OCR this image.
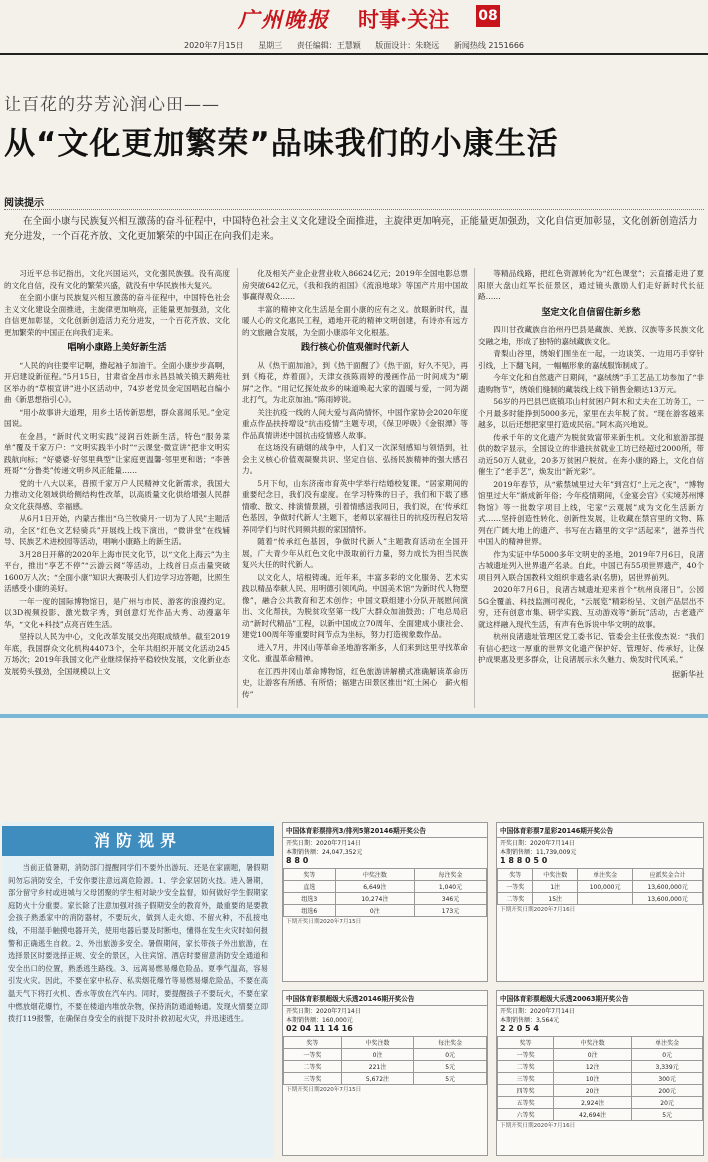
广州晚报 时事·关注 08
2020年7月15日 星期三 责任编辑：王慧颖 版面设计：朱晓远 新闻热线 2151666
让百花的芬芳沁润心田——
从“文化更加繁荣”品味我们的小康生活
阅读提示
在全面小康与民族复兴相互激荡的奋斗征程中，中国特色社会主义文化建设全面推进，主旋律更加响亮，正能量更加强劲，文化自信更加彰显，文化创新创造活力充分进发，一个百花齐放、文化更加繁荣的中国正在向我们走来。

习近平总书记指出，文化兴国运兴，文化强民族强。没有高度的文化自信，没有文化的繁荣兴盛，就没有中华民族伟大复兴。

在全面小康与民族复兴相互激荡的奋斗征程中，中国特色社会主义文化建设全面推进，主旋律更加响亮，正能量更加强劲，文化自信更加彰显，文化创新创造活力充分进发，一个百花齐放、文化更加繁荣的中国正在向我们走来。

唱响小康路上美好新生活

“人民的向往要牢记啊，撸起袖子加油干。全面小康步步高啊，开启建设新征程。”5月15日，甘肃省金昌市永昌县城关镇天鹅苑社区举办的“草根宣讲”进小区活动中，74岁老党员金定国唱起自编小曲《新思想指引心》。

“用小故事讲大道理，用乡土话传新思想，群众喜闻乐见。”金定国说。

在金昌，“新时代文明实践”浸润百姓新生活，特色“服务菜单”覆及千家万户：“文明实践半小时”“云课堂·微宣讲”把非文明实践航向标；“好婆婆·好邻里典型”让家庭更温馨·邻里更和谐；“李善班哥”“分鲁类”传递文明乡风正能量……

党的十八大以来，普照千家万户人民精神文化新需求，我国大力推动文化领域供给侧结构性改革，以高质量文化供给增强人民群众文化获得感、幸福感。

从6月1日开始，内蒙古推出“乌兰牧骑月·一切为了人民”主题活动，全区“红色文艺轻骑兵”开展线上线下演出，“微讲堂”在线辅导、民族艺术进校园等活动，唱响小康路上的新生活。

3月28日开幕的2020年上海市民文化节，以“文化上海云”为主平台，推出“享艺不停”“云游云阅”等活动，上线首日点击量突破1600万人次；“全面小康”知识大赛吸引人们边学习边答题，比照生活感受小康的美好。

一年一度的国际博物馆日，是广州与市民、游客的浪漫约定。以3D视频投影、激光数字秀，到创意灯光作品大秀、动漫嘉年华，“文化+科技”点亮百姓生活。

坚持以人民为中心，文化改革发展交出亮眼成绩单。截至2019年底，我国群众文化机构44073个，全年共组织开展文化活动245万场次；2019年我国文化产业继续保持平稳较快发展，文化新业态发展势头强劲，全国规模以上文

化及相关产业企业营业收入86624亿元；2019年全国电影总票房突破642亿元，《我和我的祖国》《流浪地球》等国产片用中国故事赢得观众……

丰富的精神文化生活是全面小康的应有之义。放眼新时代，温暖人心的文化惠民工程，通地开花的精神文明创建，有诗亦有远方的文旅融合发展，为全面小康添年文化根基。

践行核心价值观催时代新人

从《热干面加油》，到《热干面醒了》《热干面，好久不见》，再到《梅花，炸着面》，天津女孩陈雨婷的漫画作品一时间成为“刷屏”之作。“用记忆探处故乡的味道唤起大家的温暖与爱，一同为湖北打气，为北京加油。”陈雨婷说。

关注抗疫一线的人间大爱与高尚情怀，中国作家协会2020年度重点作品扶持增设“抗击疫情”主题专项，《保卫呼吸》《金银潭》等作品真情讲述中国抗击疫情感人故事。

在这场没有硝烟的战争中，人们又一次深刻感知与领悟到，社会主义核心价值观凝聚共识、坚定自信、弘扬民族精神的强大感召力。

5月下旬，山东济南市育英中学举行结婚校复课。“居家期间的重要纪念日，我们没有虚度。在学习特殊的日子，我们和下载了感情歌、散文、排演情景剧，引着情感送我同日，我们说，在‘传承红色基因，争做时代新人’主题下，老师以家福往日的抗疫历程启发培养同学们与时代同频共振的家国情怀。

随着“传承红色基因，争做时代新人”主题教育活动在全国开展，广大青少年从红色文化中汲取前行力量，努力成长为担当民族复兴大任的时代新人。

以文化人，培根铸魂。近年来，丰富多彩的文化服务、艺术实践以精品奉献人民、用明德引领风尚。中国美术馆“为新时代人物塑像”，融合公共教育和艺术创作；中国文联组建小分队开展慰问演出、文化帮扶，为脱贫攻坚第一线广大群众加油鼓劲；广电总局启动“新时代精品”工程，以新中国成立70周年、全面建成小康社会、建党100周年等重要时间节点为坐标，努力打造视象数作品。

进入7月，井冈山等革命圣地游客渐多，人们来到这里寻找革命文化、重温革命精神。

在江西井冈山革命博物馆，红色旅游讲解横式准确解读革命历史，让游客有所感、有所悟；福建古田景区推出“红土闲心　薪火相传”

等精品线路，把红色资源转化为“红色课堂”；云直播走进了夏阳原大盘山红军长征景区，通过镜头激励人们走好新时代长征路……

坚定文化自信留住新乡愁

四川甘孜藏族自治州丹巴县是藏族、羌族、汉族等多民族文化交融之地，形成了独特的嘉绒藏族文化。

青梨山谷里，绣娘们围坐在一起，一边谈笑、一边用巧手穿针引线，上下翻飞间，一幅幅形象的嘉绒服饰制成了。

今年文化和自然遗产日期间，“嘉绒绣”手工艺品工坊参加了“非遗购物节”，绣娘们缝制的藏装线上线下销售金额达13万元。

56岁的丹巴县巴底镇邛山村贫困户阿木和丈夫在工坊务工，一个月最多时能挣到5000多元，家里在去年脱了贫。“现在游客越来越多，以后还想把家里打造成民宿。”阿木高兴地说。

传承千年的文化遗产为脱贫致富带来新生机。文化和旅游部提供的数字显示，全国设立的非遗扶贫就业工坊已经超过2000所，带动近50万人就业，20多万贫困户脱贫。在奔小康的路上，文化自信催生了“老手艺”，焕发出“新光彩”。

2019年春节，从“紫禁城里过大年”到宫灯“上元之夜”，“博物馆里过大年”渐成新年俗；今年疫情期间，《金宴会宫》《实境苏州博物馆》等一批数字项目上线，宅家“云观展”成为文化生活新方式……坚持创造性转化、创新性发展，让收藏在禁宫里的文物、陈列在广阔大地上的遗产、书写在古籍里的文字“活起来”，滋养当代中国人的精神世界。

作为实证中华5000多年文明史的圣地，2019年7月6日，良渚古城遗址列入世界遗产名录。自此，中国已有55项世界遗产，40个项目列入联合国教科文组织非遗名录(名册)，居世界前列。

2020年7月6日，良渚古城遗址迎来首个“杭州良渚日”。公园5G全覆盖、科技监测可视化，“云展览”精彩纷呈、文创产品层出不穷，还有创意市集、研学实践、互动游戏等“新玩”活动，古老遗产就这样融入现代生活，有声有色诉说中华文明的故事。

杭州良渚遗址管理区党工委书记、管委会主任张俊杰说：“我们有信心把这一厚重的世界文化遗产保护好、管理好、传承好，让保护成果惠及更多群众，让良渚展示永久魅力、焕发时代风采。”

据新华社
消防视界
当前正值暑期，消防部门提醒同学们不要外出游玩、还是在家副题，暑假期间勿忘消防安全，千安你要注意远离危险源。1、学会家居防火技。进入暑期，部分留守乡村或进城与父母团聚的学生相对缺少安全监督，如何做好学生假期家庭防火十分重要。家长除了注意加强对孩子假期安全的教育外，最重要的是要教会孩子熟悉家中的消防器材，不要玩火，做到人走火熄、不留火种，不乱接电线，不用湿手触摸电器开关，使用电器后要及时断电，懂得在发生火灾时如何报警和正确逃生自救。2、外出旅游多安全。暑假期间，家长带孩子外出旅游，在选择景区时要选择正规、安全的景区，入住宾馆、酒店时要留意消防安全通道和安全出口的位置，熟悉逃生路线。3、远离易燃易爆危险品。夏季气温高，容易引发火灾。因此，不要在家中私存、私卖烟花爆竹等易燃易爆危险品，不要在高温天气下将打火机、香水等放在汽车内。同时，要提醒孩子不要玩火，不要在家中燃放烟花爆竹，不要在楼道内堆放杂物，保持消防通道畅通。发现火情要立即拨打119报警，在确保自身安全的前提下及时扑救初起火灾，并迅速逃生。
中国体育彩票排列3/排列5第20146期开奖公告
开奖日期：2020年7月14日
本期销售额：24,047,352元
8 8 0
奖等	中奖注数	每注奖金
直选	6,649注	1,040元
组选3	10,274注	346元
组选6	0注	173元
下期开奖日期2020年7月15日
中国体育彩票7星彩20146期开奖公告
开奖日期：2020年7月14日
本期销售额：11,739,009元
1 8 8 0 5 0
奖等	中奖注数	单注奖金	应派奖金合计
一等奖	1注	100,000元	13,600,000元
二等奖	15注		13,600,000元
下期开奖日期2020年7月16日
中国体育彩票超级大乐透20146期开奖公告
开奖日期：2020年7月14日
本期销售额：160,000元
02 04 11 14 16
奖等	中奖注数	每注奖金
一等奖	0注	0元
二等奖	221注	5元
三等奖	5,672注	5元
下期开奖日期2020年7月15日
中国体育彩票超级大乐透20063期开奖公告
开奖日期：2020年7月14日
本期销售额：3,564元
2 2 0 5 4
奖等	中奖注数	单注奖金
一等奖	0注	0元
二等奖	12注	3,339元
三等奖	10注	300元
四等奖	20注	200元
五等奖	2,924注	20元
六等奖	42,694注	5元
下期开奖日期2020年7月16日
